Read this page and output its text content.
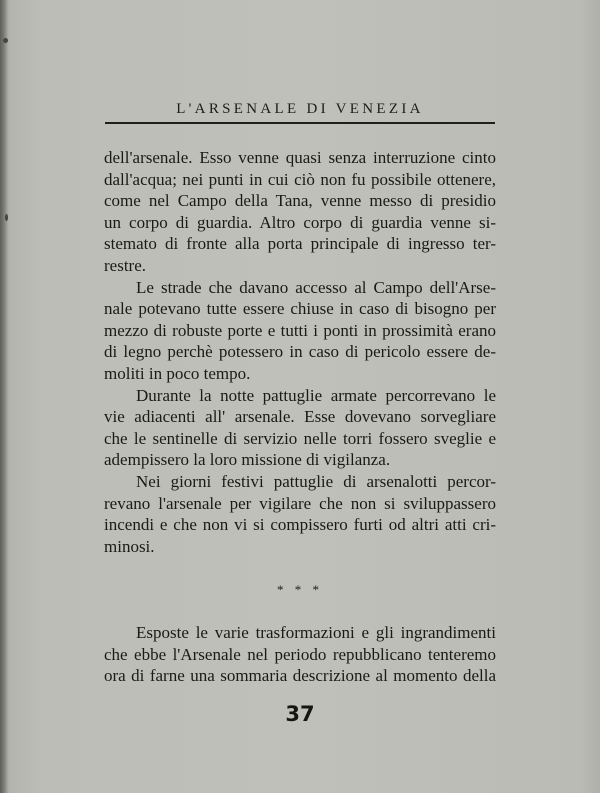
L'ARSENALE DI VENEZIA
dell'arsenale. Esso venne quasi senza interruzione cinto
dall'acqua; nei punti in cui ciò non fu possibile ottenere,
come nel Campo della Tana, venne messo di presidio
un corpo di guardia. Altro corpo di guardia venne si-
stemato di fronte alla porta principale di ingresso ter-
restre.
Le strade che davano accesso al Campo dell'Arse-
nale potevano tutte essere chiuse in caso di bisogno per
mezzo di robuste porte e tutti i ponti in prossimità erano
di legno perchè potessero in caso di pericolo essere de-
moliti in poco tempo.
Durante la notte pattuglie armate percorrevano le
vie adiacenti all' arsenale. Esse dovevano sorvegliare
che le sentinelle di servizio nelle torri fossero sveglie e
adempissero la loro missione di vigilanza.
Nei giorni festivi pattuglie di arsenalotti percor-
revano l'arsenale per vigilare che non si sviluppassero
incendi e che non vi si compissero furti od altri atti cri-
minosi.
* * *
Esposte le varie trasformazioni e gli ingrandimenti
che ebbe l'Arsenale nel periodo repubblicano tenteremo
ora di farne una sommaria descrizione al momento della
37
